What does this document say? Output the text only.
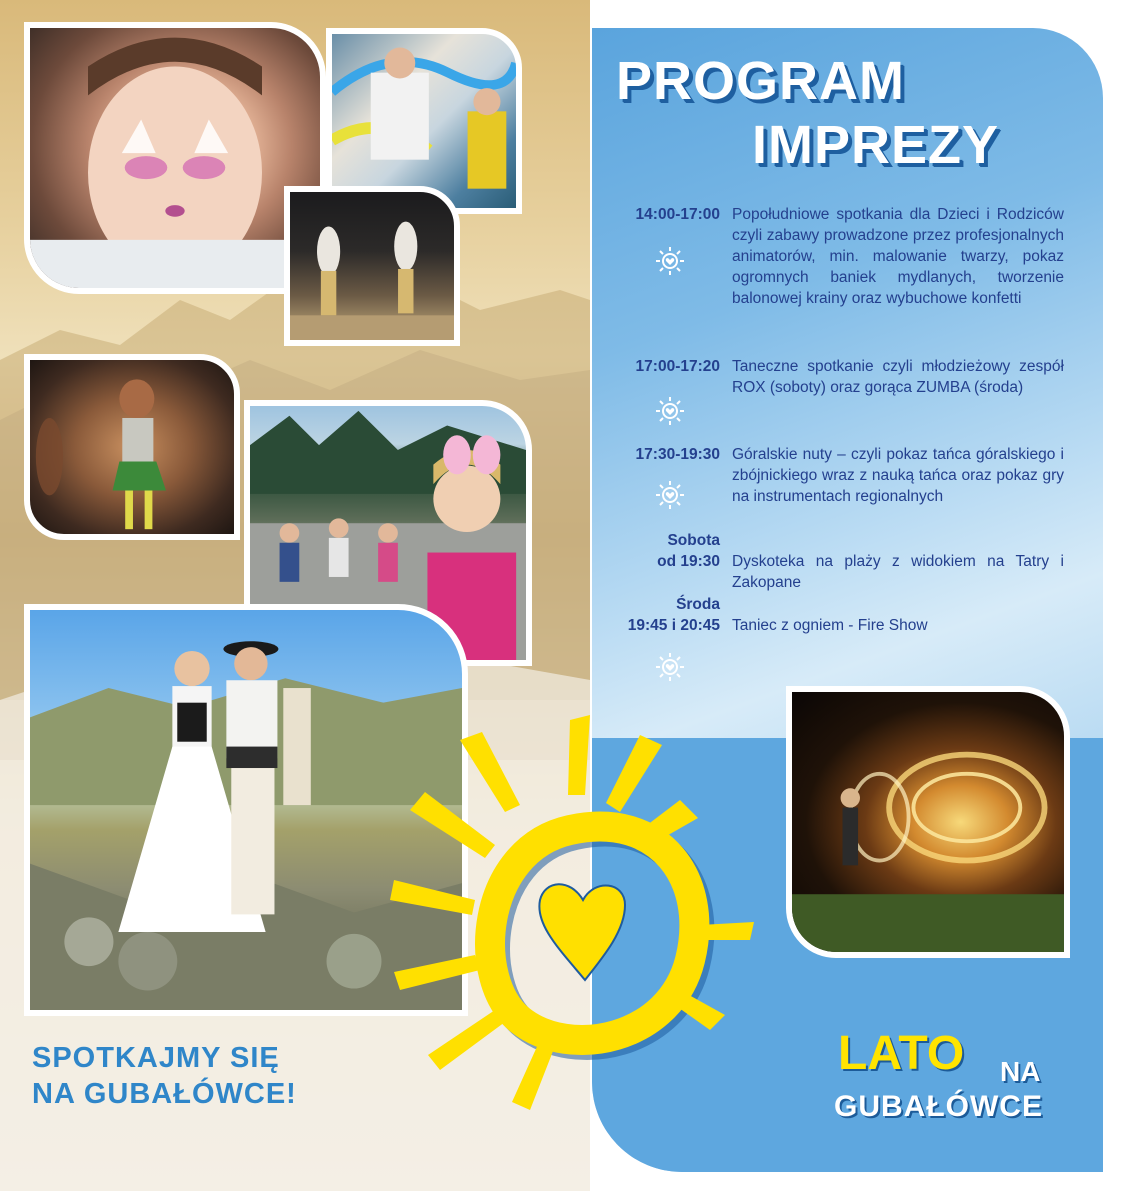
PROGRAM
IMPREZY
14:00-17:00 Popołudniowe spotkania dla Dzieci i Rodziców czyli zabawy prowadzone przez profesjonalnych animatorów, min. malowanie twarzy, pokaz ogromnych baniek mydlanych, tworzenie balonowej krainy oraz wybuchowe konfetti
17:00-17:20 Taneczne spotkanie czyli młodzieżowy zespół ROX (soboty) oraz gorąca ZUMBA (środa)
17:30-19:30 Góralskie nuty – czyli pokaz tańca góralskiego i zbójnickiego wraz z nauką tańca oraz pokaz gry na instrumentach regionalnych
Sobota
od 19:30 Dyskoteka na plaży z widokiem na Tatry i Zakopane
Środa
19:45 i 20:45 Taniec z ogniem - Fire Show
SPOTKAJMY SIĘ
NA GUBAŁÓWCE!
LATO NA
GUBAŁÓWCE
